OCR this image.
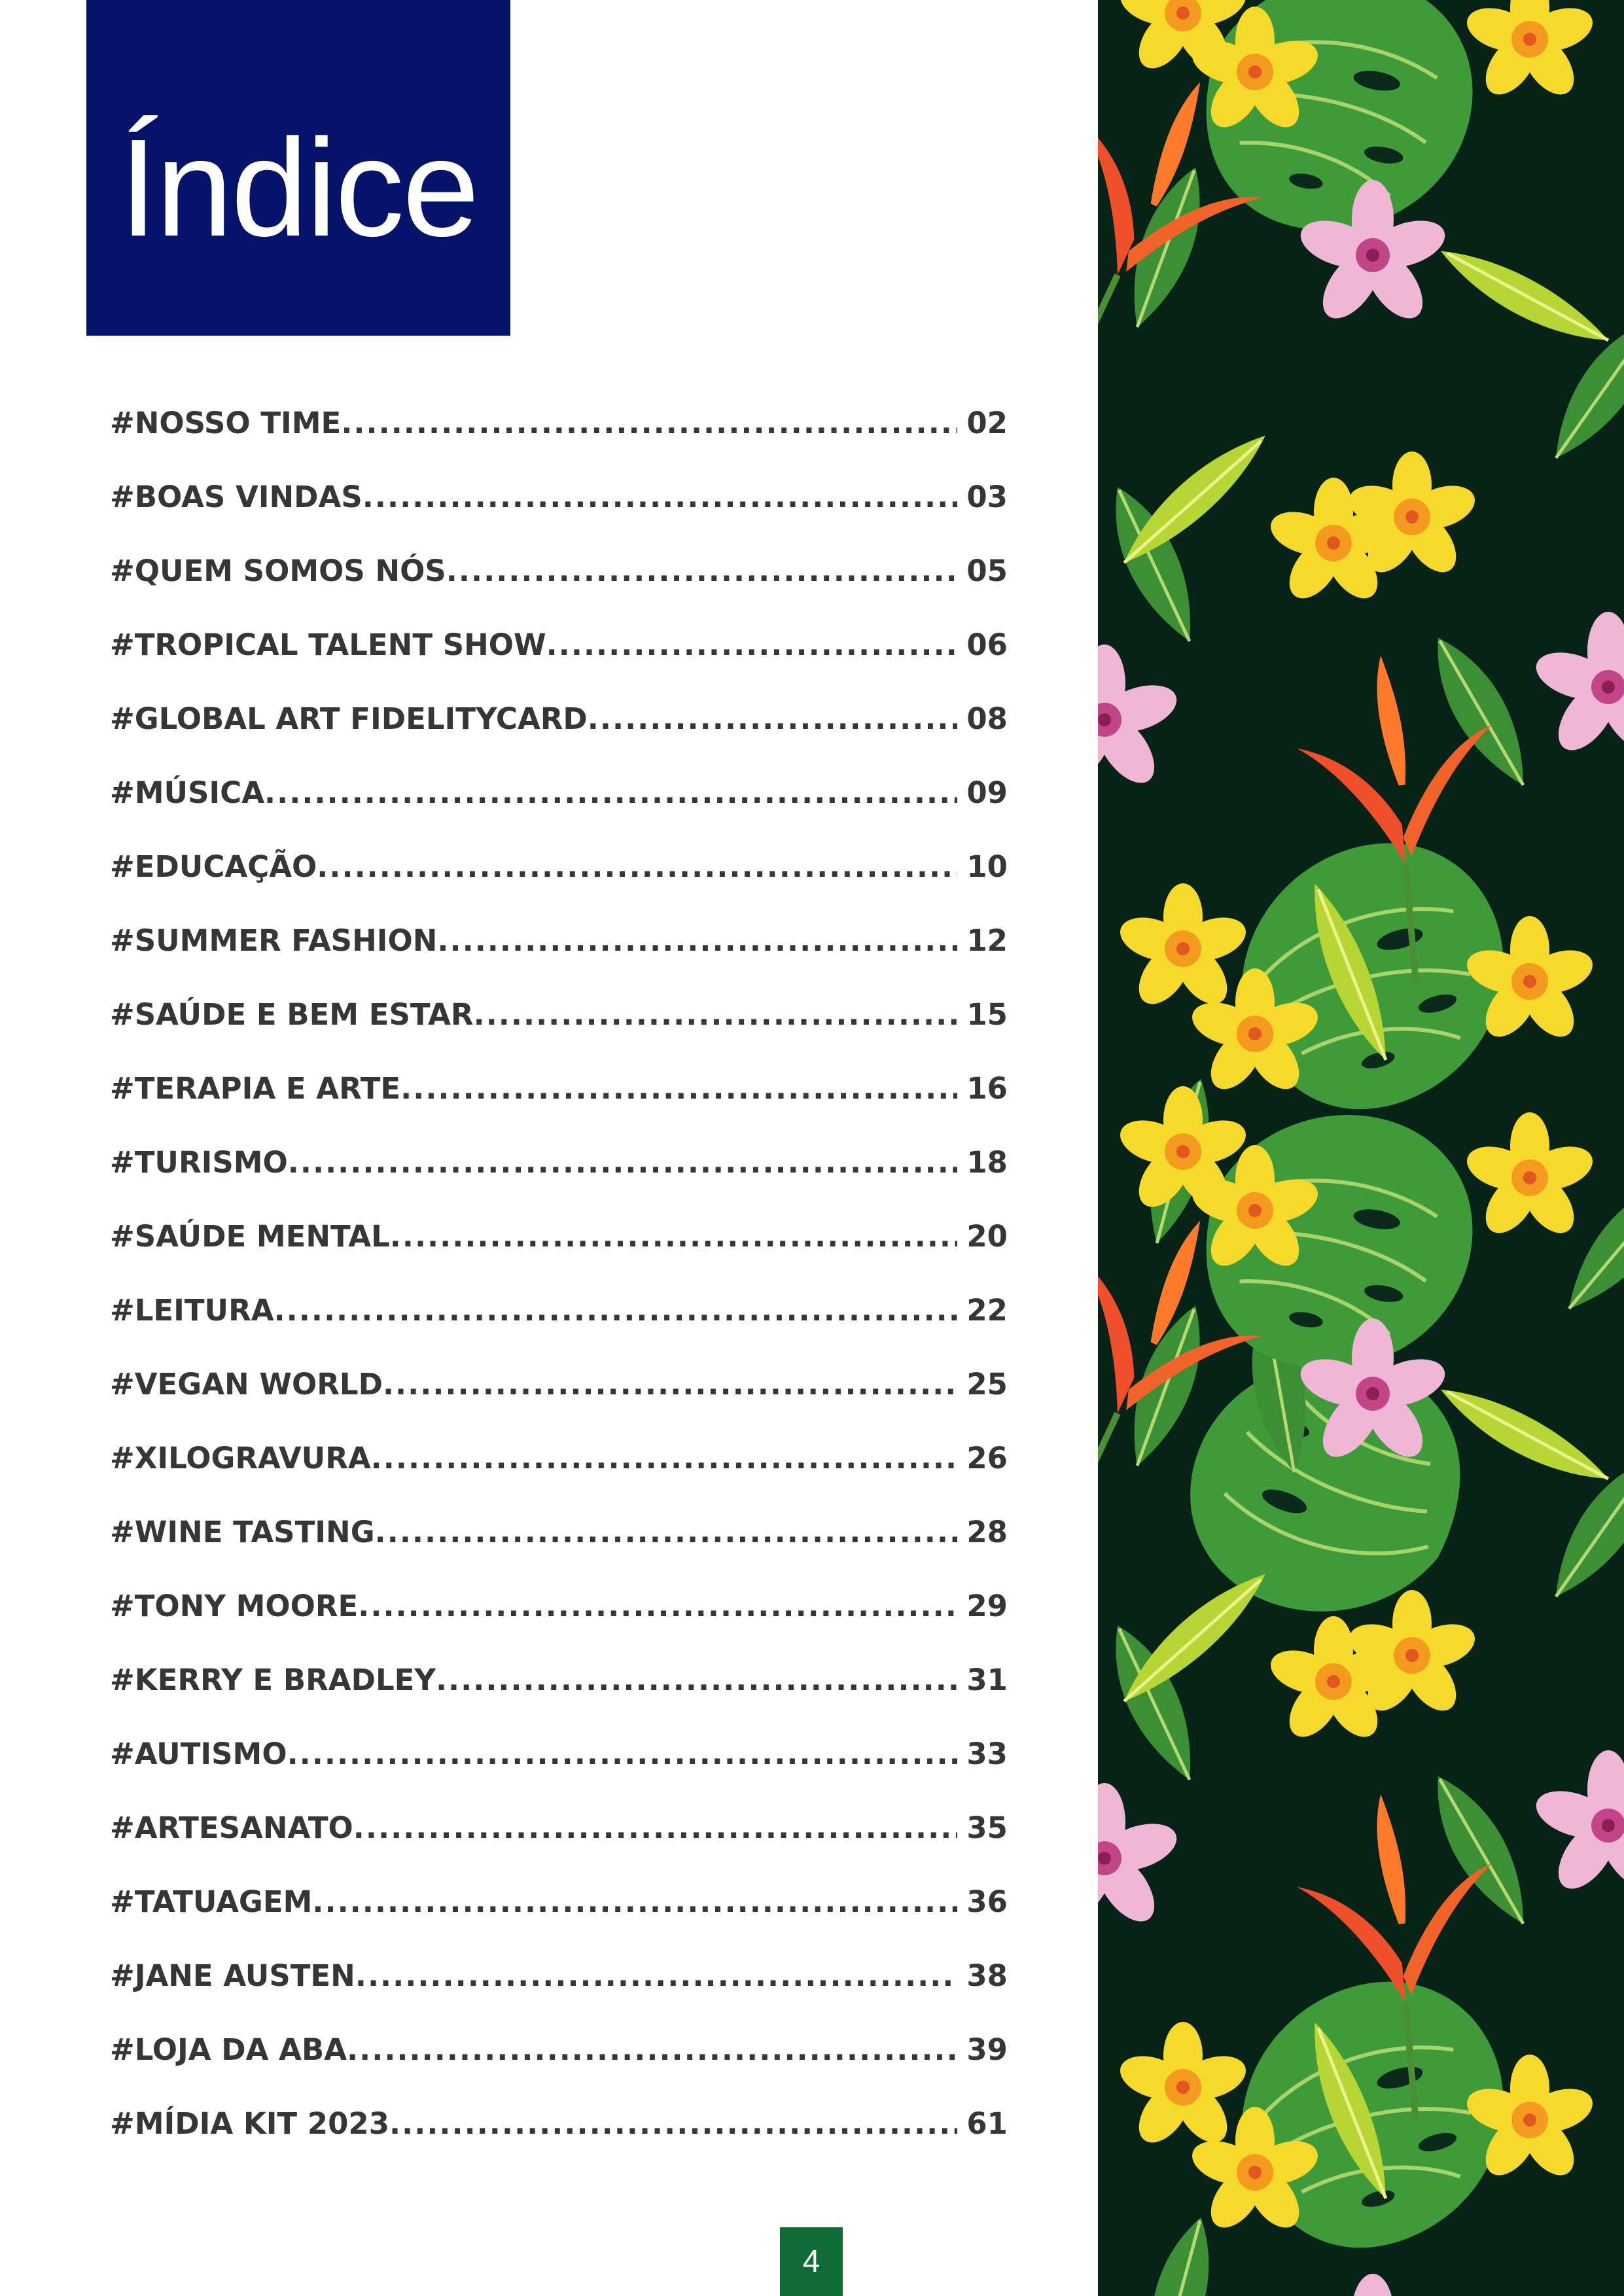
Índice
#NOSSO TIME .....	02
#BOAS VINDAS .....	03
#QUEM SOMOS NÓS .....	05
#TROPICAL TALENT SHOW .....	06
#GLOBAL ART FIDELITYCARD .....	08
#MÚSICA .....	09
#EDUCAÇÃO .....	10
#SUMMER FASHION .....	12
#SAÚDE E BEM ESTAR .....	15
#TERAPIA E ARTE .....	16
#TURISMO .....	18
#SAÚDE MENTAL .....	20
#LEITURA .....	22
#VEGAN WORLD .....	25
#XILOGRAVURA .....	26
#WINE TASTING .....	28
#TONY MOORE .....	29
#KERRY E BRADLEY .....	31
#AUTISMO .....	33
#ARTESANATO .....	35
#TATUAGEM .....	36
#JANE AUSTEN .....	38
#LOJA DA ABA .....	39
#MÍDIA KIT 2023 .....	61
4
